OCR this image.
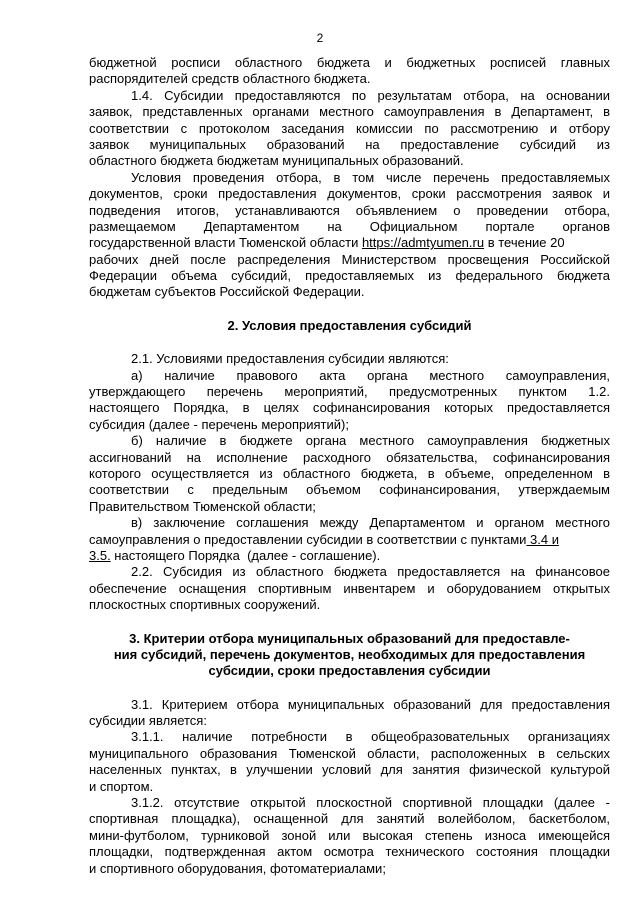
2
бюджетной росписи областного бюджета и бюджетных росписей главных
распорядителей средств областного бюджета.
1.4. Субсидии предоставляются по результатам отбора, на основании
заявок, представленных органами местного самоуправления в Департамент, в
соответствии с протоколом заседания комиссии по рассмотрению и отбору
заявок муниципальных образований на предоставление субсидий из
областного бюджета бюджетам муниципальных образований.
Условия проведения отбора, в том числе перечень предоставляемых
документов, сроки предоставления документов, сроки рассмотрения заявок и
подведения итогов, устанавливаются объявлением о проведении отбора,
размещаемом Департаментом на Официальном портале органов
государственной власти Тюменской области https://admtyumen.ru в течение 20
рабочих дней после распределения Министерством просвещения Российской
Федерации объема субсидий, предоставляемых из федерального бюджета
бюджетам субъектов Российской Федерации.
2. Условия предоставления субсидий
2.1. Условиями предоставления субсидии являются:
а) наличие правового акта органа местного самоуправления,
утверждающего перечень мероприятий, предусмотренных пунктом 1.2.
настоящего Порядка, в целях софинансирования которых предоставляется
субсидия (далее - перечень мероприятий);
б) наличие в бюджете органа местного самоуправления бюджетных
ассигнований на исполнение расходного обязательства, софинансирования
которого осуществляется из областного бюджета, в объеме, определенном в
соответствии с предельным объемом софинансирования, утверждаемым
Правительством Тюменской области;
в) заключение соглашения между Департаментом и органом местного
самоуправления о предоставлении субсидии в соответствии с пунктами 3.4 и
3.5. настоящего Порядка  (далее - соглашение).
2.2. Субсидия из областного бюджета предоставляется на финансовое
обеспечение оснащения спортивным инвентарем и оборудованием открытых
плоскостных спортивных сооружений.
3. Критерии отбора муниципальных образований для предоставле-
ния субсидий, перечень документов, необходимых для предоставления
субсидии, сроки предоставления субсидии
3.1. Критерием отбора муниципальных образований для предоставления
субсидии является:
3.1.1. наличие потребности в общеобразовательных организациях
муниципального образования Тюменской области, расположенных в сельских
населенных пунктах, в улучшении условий для занятия физической культурой
и спортом.
3.1.2. отсутствие открытой плоскостной спортивной площадки (далее -
спортивная площадка), оснащенной для занятий волейболом, баскетболом,
мини-футболом, турниковой зоной или высокая степень износа имеющейся
площадки, подтвержденная актом осмотра технического состояния площадки
и спортивного оборудования, фотоматериалами;
